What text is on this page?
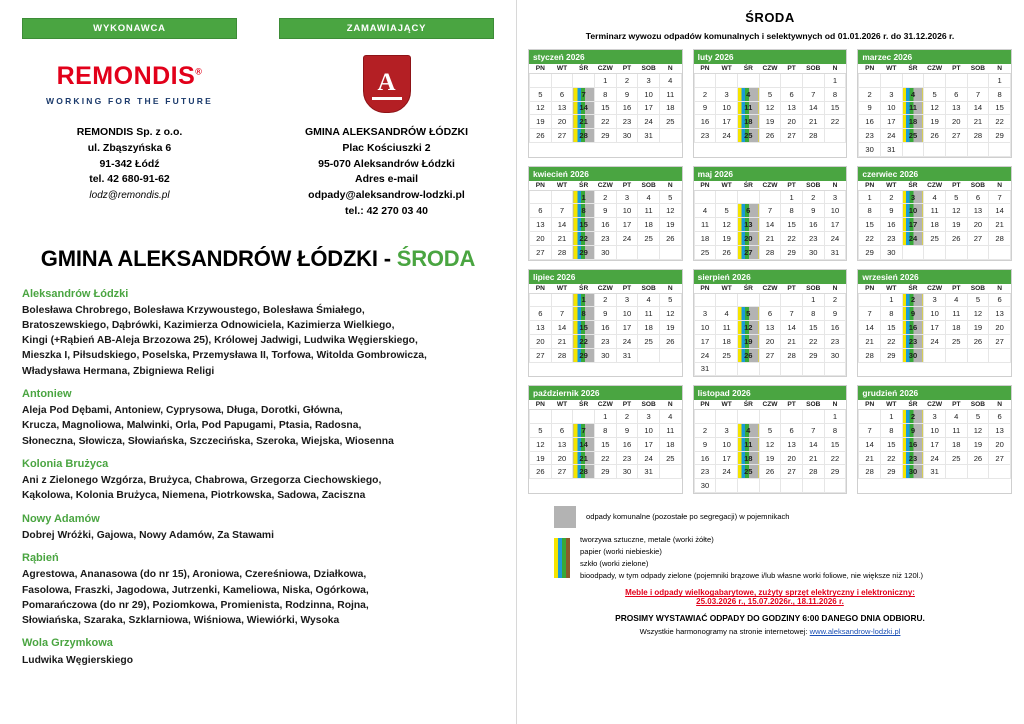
WYKONAWCA
REMONDIS®
WORKING FOR THE FUTURE
REMONDIS Sp. z o.o.
ul. Zbąszyńska 6
91-342 Łódź
tel. 42 680-91-62
lodz@remondis.pl
ZAMAWIAJĄCY
A
GMINA ALEKSANDRÓW ŁÓDZKI
Plac Kościuszki 2
95-070 Aleksandrów Łódzki
Adres e-mail
odpady@aleksandrow-lodzki.pl
tel.: 42 270 03 40
GMINA ALEKSANDRÓW ŁÓDZKI - ŚRODA
Aleksandrów Łódzki
Bolesława Chrobrego, Bolesława Krzywoustego, Bolesława Śmiałego,
Bratoszewskiego, Dąbrówki, Kazimierza Odnowiciela, Kazimierza Wielkiego,
Kingi (+Rąbień AB-Aleja Brzozowa 25), Królowej Jadwigi, Ludwika Węgierskiego,
Mieszka I, Piłsudskiego, Poselska, Przemysława II, Torfowa, Witolda Gombrowicza,
Władysława Hermana, Zbigniewa Religi
Antoniew
Aleja Pod Dębami, Antoniew, Cyprysowa, Długa, Dorotki, Główna,
Krucza, Magnoliowa, Malwinki, Orla, Pod Papugami, Ptasia, Radosna,
Słoneczna, Słowicza, Słowiańska, Szczecińska, Szeroka, Wiejska, Wiosenna
Kolonia Brużyca
Ani z Zielonego Wzgórza, Brużyca, Chabrowa, Grzegorza Ciechowskiego,
Kąkolowa, Kolonia Brużyca, Niemena, Piotrkowska, Sadowa, Zaciszna
Nowy Adamów
Dobrej Wróżki, Gajowa, Nowy Adamów, Za Stawami
Rąbień
Agrestowa, Ananasowa (do nr 15), Aroniowa, Czereśniowa, Działkowa,
Fasolowa, Fraszki, Jagodowa, Jutrzenki, Kameliowa, Niska, Ogórkowa,
Pomarańczowa (do nr 29), Poziomkowa, Promienista, Rodzinna, Rojna,
Słowiańska, Szaraka, Szklarniowa, Wiśniowa, Wiewiórki, Wysoka
Wola Grzymkowa
Ludwika Węgierskiego
ŚRODA
Terminarz wywozu odpadów komunalnych i selektywnych od 01.01.2026 r. do 31.12.2026 r.
styczeń 2026
PN	WT	ŚR	CZW	PT	SOB	N
			1	2	3	4
5	6	7	8	9	10	11
12	13	14	15	16	17	18
19	20	21	22	23	24	25
26	27	28	29	30	31	
luty 2026
PN	WT	ŚR	CZW	PT	SOB	N
						1
2	3	4	5	6	7	8
9	10	11	12	13	14	15
16	17	18	19	20	21	22
23	24	25	26	27	28	
marzec 2026
PN	WT	ŚR	CZW	PT	SOB	N
						1
2	3	4	5	6	7	8
9	10	11	12	13	14	15
16	17	18	19	20	21	22
23	24	25	26	27	28	29
30	31					
kwiecień 2026
PN	WT	ŚR	CZW	PT	SOB	N
		1	2	3	4	5
6	7	8	9	10	11	12
13	14	15	16	17	18	19
20	21	22	23	24	25	26
27	28	29	30			
maj 2026
PN	WT	ŚR	CZW	PT	SOB	N
				1	2	3
4	5	6	7	8	9	10
11	12	13	14	15	16	17
18	19	20	21	22	23	24
25	26	27	28	29	30	31
czerwiec 2026
PN	WT	ŚR	CZW	PT	SOB	N
1	2	3	4	5	6	7
8	9	10	11	12	13	14
15	16	17	18	19	20	21
22	23	24	25	26	27	28
29	30					
lipiec 2026
PN	WT	ŚR	CZW	PT	SOB	N
		1	2	3	4	5
6	7	8	9	10	11	12
13	14	15	16	17	18	19
20	21	22	23	24	25	26
27	28	29	30	31		
sierpień 2026
PN	WT	ŚR	CZW	PT	SOB	N
					1	2
3	4	5	6	7	8	9
10	11	12	13	14	15	16
17	18	19	20	21	22	23
24	25	26	27	28	29	30
31						
wrzesień 2026
PN	WT	ŚR	CZW	PT	SOB	N
	1	2	3	4	5	6
7	8	9	10	11	12	13
14	15	16	17	18	19	20
21	22	23	24	25	26	27
28	29	30				
październik 2026
PN	WT	ŚR	CZW	PT	SOB	N
			1	2	3	4
5	6	7	8	9	10	11
12	13	14	15	16	17	18
19	20	21	22	23	24	25
26	27	28	29	30	31	
listopad 2026
PN	WT	ŚR	CZW	PT	SOB	N
						1
2	3	4	5	6	7	8
9	10	11	12	13	14	15
16	17	18	19	20	21	22
23	24	25	26	27	28	29
30						
grudzień 2026
PN	WT	ŚR	CZW	PT	SOB	N
	1	2	3	4	5	6
7	8	9	10	11	12	13
14	15	16	17	18	19	20
21	22	23	24	25	26	27
28	29	30	31			
odpady komunalne (pozostałe po segregacji) w pojemnikach
tworzywa sztuczne, metale (worki żółte)
papier (worki niebieskie)
szkło (worki zielone)
bioodpady, w tym odpady zielone (pojemniki brązowe i/lub własne worki foliowe, nie większe niż 120l.)
Meble i odpady wielkogabarytowe, zużyty sprzęt elektryczny i elektroniczny:
25.03.2026 r., 15.07.2026r., 18.11.2026 r.
PROSIMY WYSTAWIAĆ ODPADY DO GODZINY 6:00 DANEGO DNIA ODBIORU.
Wszystkie harmonogramy na stronie internetowej: www.aleksandrow-lodzki.pl
